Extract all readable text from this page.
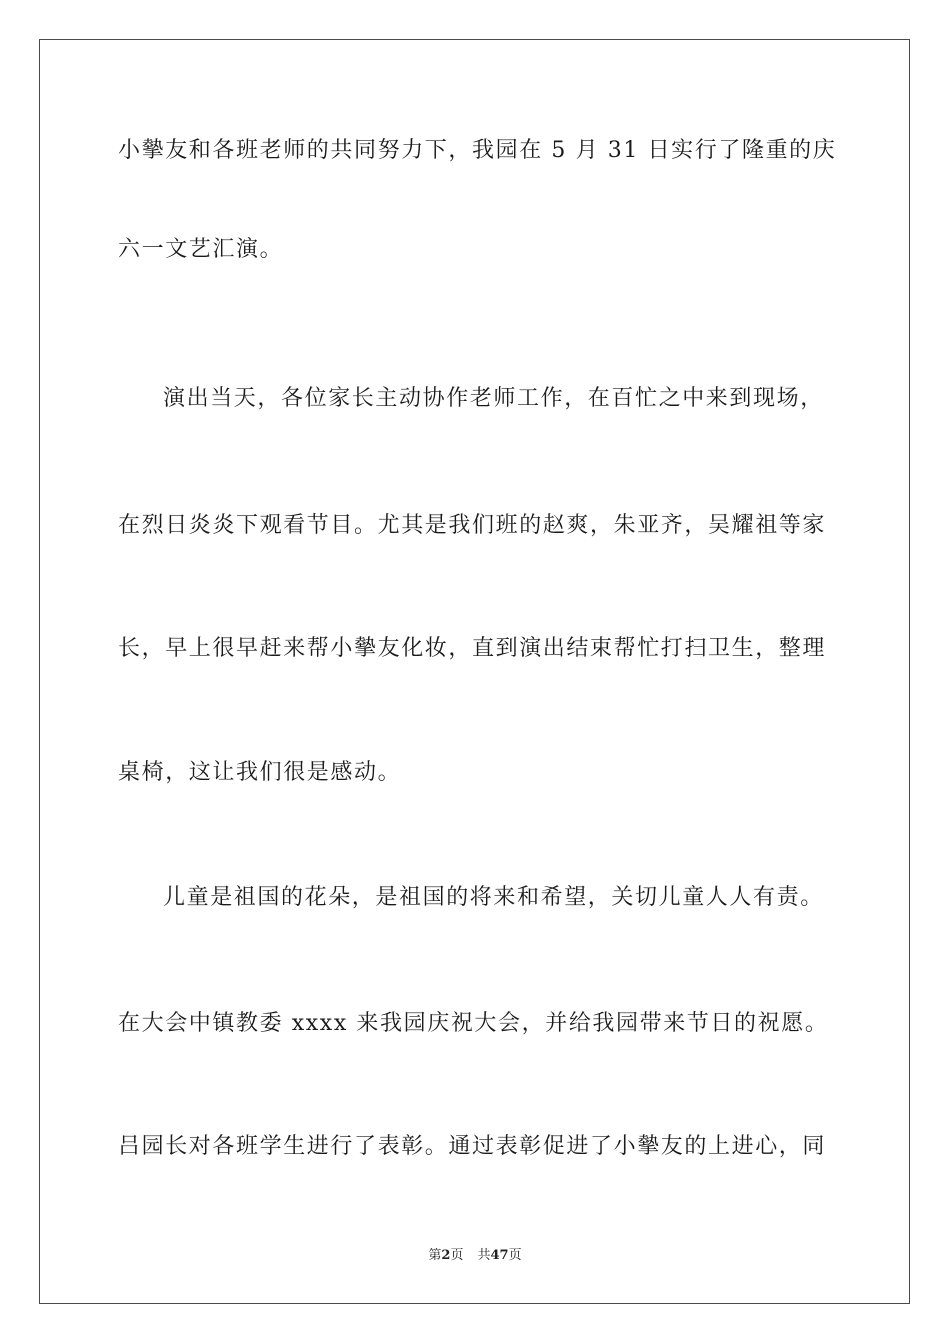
小摰友和各班老师的共同努力下，我园在 5 月 31 日实行了隆重的庆
六一文艺汇演。
演出当天，各位家长主动协作老师工作，在百忙之中来到现场，
在烈日炎炎下观看节目。尤其是我们班的赵爽，朱亚齐，吴耀祖等家
长，早上很早赶来帮小摰友化妆，直到演出结束帮忙打扫卫生，整理
桌椅，这让我们很是感动。
儿童是祖国的花朵，是祖国的将来和希望，关切儿童人人有责。
在大会中镇教委 xxxx 来我园庆祝大会，并给我园带来节日的祝愿。
吕园长对各班学生进行了表彰。通过表彰促进了小摰友的上进心，同
第2页 共47页
